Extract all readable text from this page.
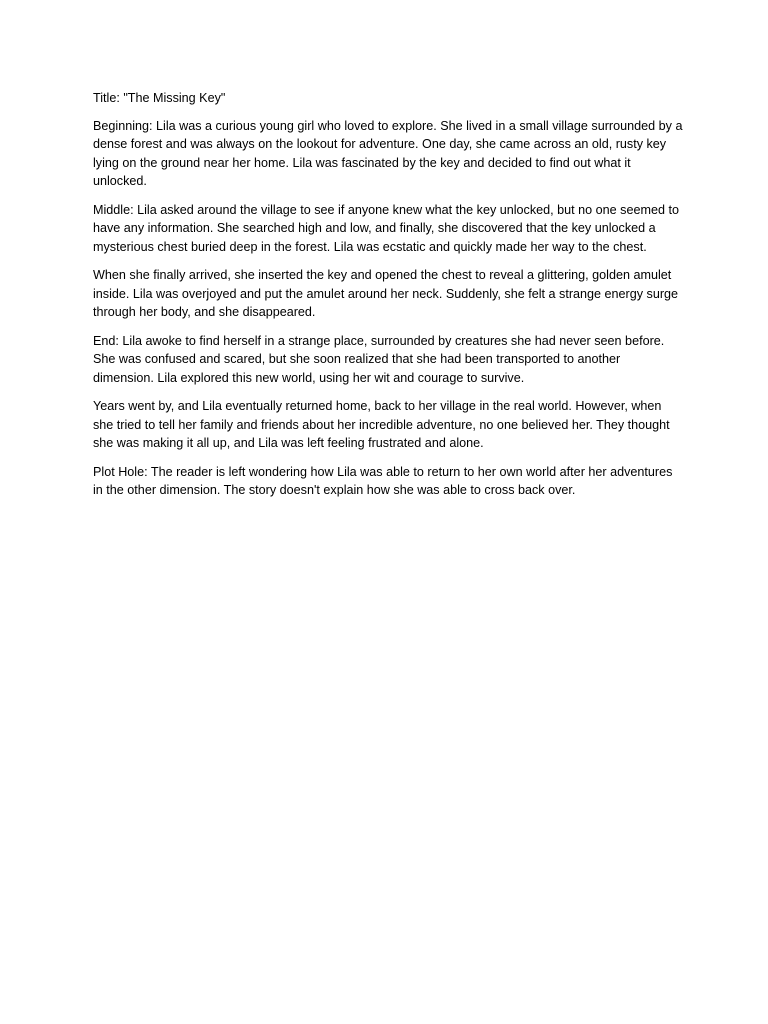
Title: "The Missing Key"

Beginning: Lila was a curious young girl who loved to explore. She lived in a small village surrounded by a dense forest and was always on the lookout for adventure. One day, she came across an old, rusty key lying on the ground near her home. Lila was fascinated by the key and decided to find out what it unlocked.

Middle: Lila asked around the village to see if anyone knew what the key unlocked, but no one seemed to have any information. She searched high and low, and finally, she discovered that the key unlocked a mysterious chest buried deep in the forest. Lila was ecstatic and quickly made her way to the chest.

When she finally arrived, she inserted the key and opened the chest to reveal a glittering, golden amulet inside. Lila was overjoyed and put the amulet around her neck. Suddenly, she felt a strange energy surge through her body, and she disappeared.

End: Lila awoke to find herself in a strange place, surrounded by creatures she had never seen before. She was confused and scared, but she soon realized that she had been transported to another dimension. Lila explored this new world, using her wit and courage to survive.

Years went by, and Lila eventually returned home, back to her village in the real world. However, when she tried to tell her family and friends about her incredible adventure, no one believed her. They thought she was making it all up, and Lila was left feeling frustrated and alone.

Plot Hole: The reader is left wondering how Lila was able to return to her own world after her adventures in the other dimension. The story doesn't explain how she was able to cross back over.
